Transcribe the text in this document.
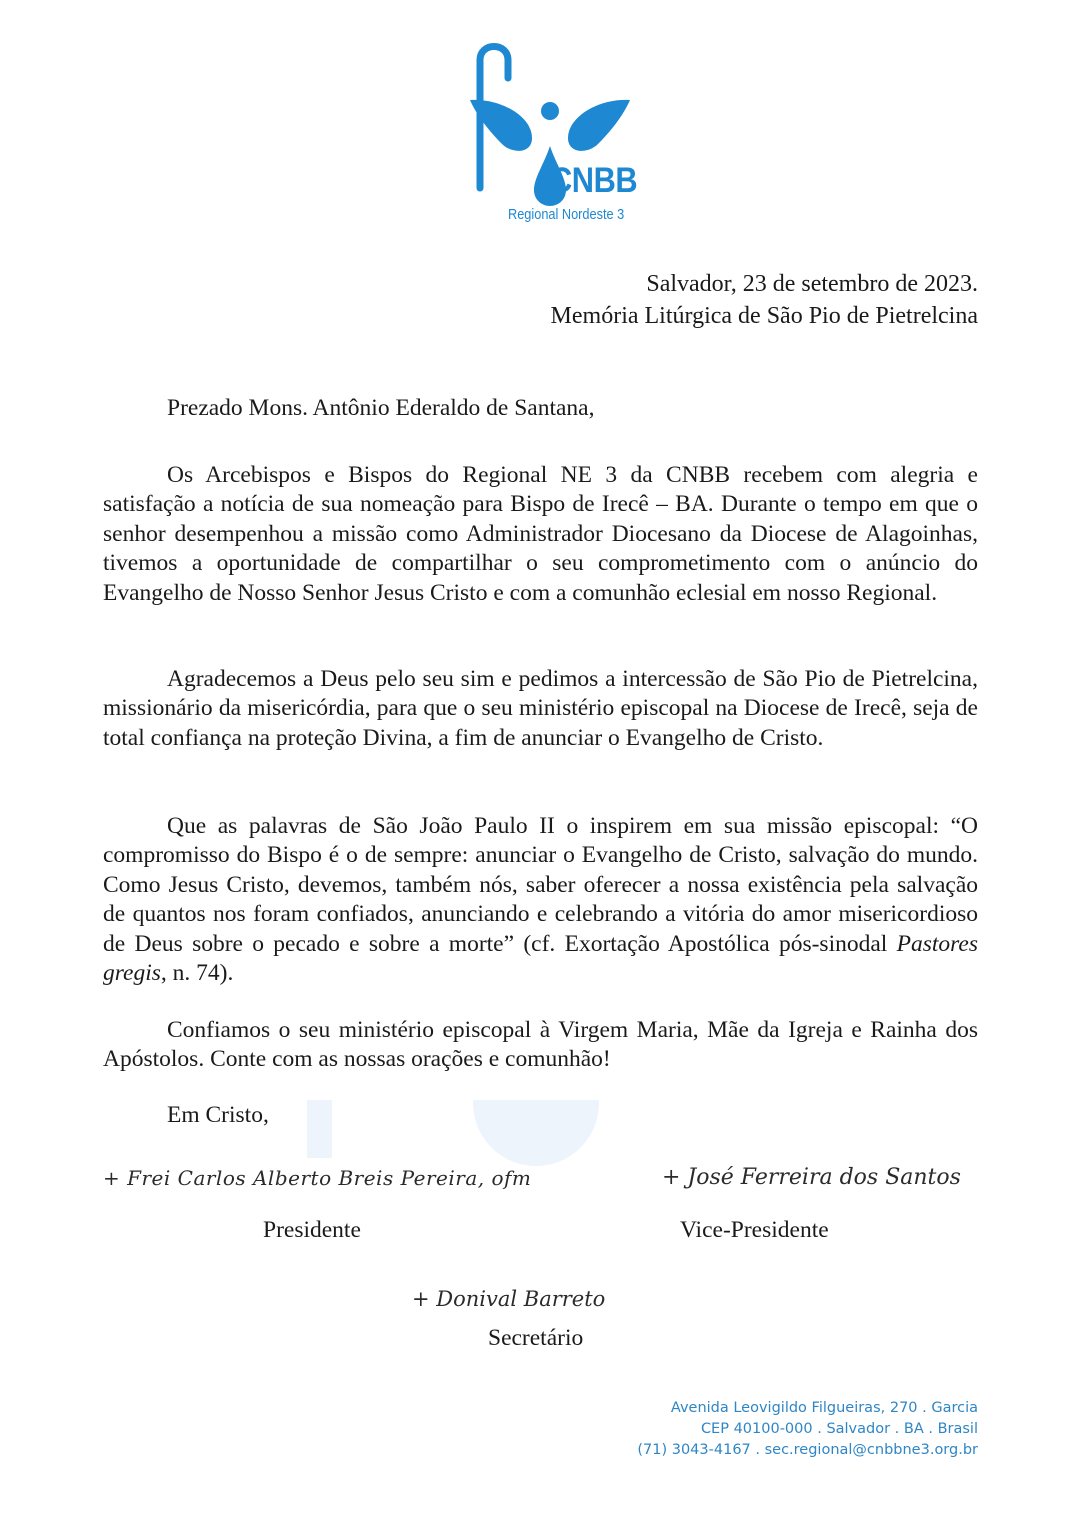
CNBB
Regional Nordeste 3
Salvador, 23 de setembro de 2023.
Memória Litúrgica de São Pio de Pietrelcina
Prezado Mons. Antônio Ederaldo de Santana,

Os Arcebispos e Bispos do Regional NE 3 da CNBB recebem com alegria e satisfação a notícia de sua nomeação para Bispo de Irecê – BA. Durante o tempo em que o senhor desempenhou a missão como Administrador Diocesano da Diocese de Alagoinhas, tivemos a oportunidade de compartilhar o seu comprometimento com o anúncio do Evangelho de Nosso Senhor Jesus Cristo e com a comunhão eclesial em nosso Regional.

Agradecemos a Deus pelo seu sim e pedimos a intercessão de São Pio de Pietrelcina, missionário da misericórdia, para que o seu ministério episcopal na Diocese de Irecê, seja de total confiança na proteção Divina, a fim de anunciar o Evangelho de Cristo.

Que as palavras de São João Paulo II o inspirem em sua missão episcopal: “O compromisso do Bispo é o de sempre: anunciar o Evangelho de Cristo, salvação do mundo. Como Jesus Cristo, devemos, também nós, saber oferecer a nossa existência pela salvação de quantos nos foram confiados, anunciando e celebrando a vitória do amor misericordioso de Deus sobre o pecado e sobre a morte” (cf. Exortação Apostólica pós-sinodal Pastores gregis, n. 74).

Confiamos o seu ministério episcopal à Virgem Maria, Mãe da Igreja e Rainha dos Apóstolos. Conte com as nossas orações e comunhão!

Em Cristo,

+ Frei Carlos Alberto Breis Pereira, ofm
Presidente
+ José Ferreira dos Santos
Vice-Presidente
+ Donival Barreto
Secretário
Avenida Leovigildo Filgueiras, 270 . Garcia
CEP 40100-000 . Salvador . BA . Brasil
(71) 3043-4167 . sec.regional@cnbbne3.org.br
